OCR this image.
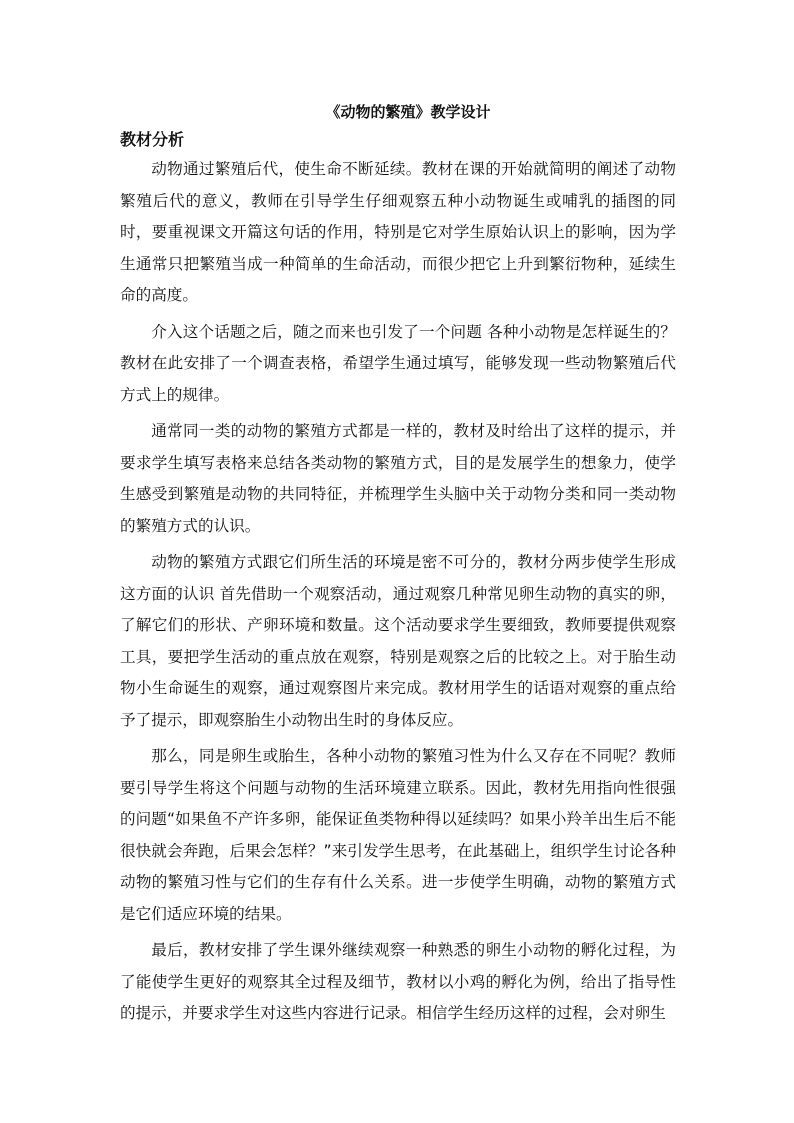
《动物的繁殖》教学设计
教材分析

动物通过繁殖后代，使生命不断延续。教材在课的开始就简明的阐述了动物繁殖后代的意义，教师在引导学生仔细观察五种小动物诞生或哺乳的插图的同时，要重视课文开篇这句话的作用，特别是它对学生原始认识上的影响，因为学生通常只把繁殖当成一种简单的生命活动，而很少把它上升到繁衍物种，延续生命的高度。

介入这个话题之后，随之而来也引发了一个问题 各种小动物是怎样诞生的？教材在此安排了一个调查表格，希望学生通过填写，能够发现一些动物繁殖后代方式上的规律。

通常同一类的动物的繁殖方式都是一样的，教材及时给出了这样的提示，并要求学生填写表格来总结各类动物的繁殖方式，目的是发展学生的想象力，使学生感受到繁殖是动物的共同特征，并梳理学生头脑中关于动物分类和同一类动物的繁殖方式的认识。

动物的繁殖方式跟它们所生活的环境是密不可分的，教材分两步使学生形成这方面的认识 首先借助一个观察活动，通过观察几种常见卵生动物的真实的卵，了解它们的形状、产卵环境和数量。这个活动要求学生要细致，教师要提供观察工具，要把学生活动的重点放在观察，特别是观察之后的比较之上。对于胎生动物小生命诞生的观察，通过观察图片来完成。教材用学生的话语对观察的重点给予了提示，即观察胎生小动物出生时的身体反应。

那么，同是卵生或胎生，各种小动物的繁殖习性为什么又存在不同呢？教师要引导学生将这个问题与动物的生活环境建立联系。因此，教材先用指向性很强的问题“如果鱼不产许多卵，能保证鱼类物种得以延续吗？如果小羚羊出生后不能很快就会奔跑，后果会怎样？”来引发学生思考，在此基础上，组织学生讨论各种动物的繁殖习性与它们的生存有什么关系。进一步使学生明确，动物的繁殖方式是它们适应环境的结果。

最后，教材安排了学生课外继续观察一种熟悉的卵生小动物的孵化过程，为了能使学生更好的观察其全过程及细节，教材以小鸡的孵化为例，给出了指导性的提示，并要求学生对这些内容进行记录。相信学生经历这样的过程，会对卵生
